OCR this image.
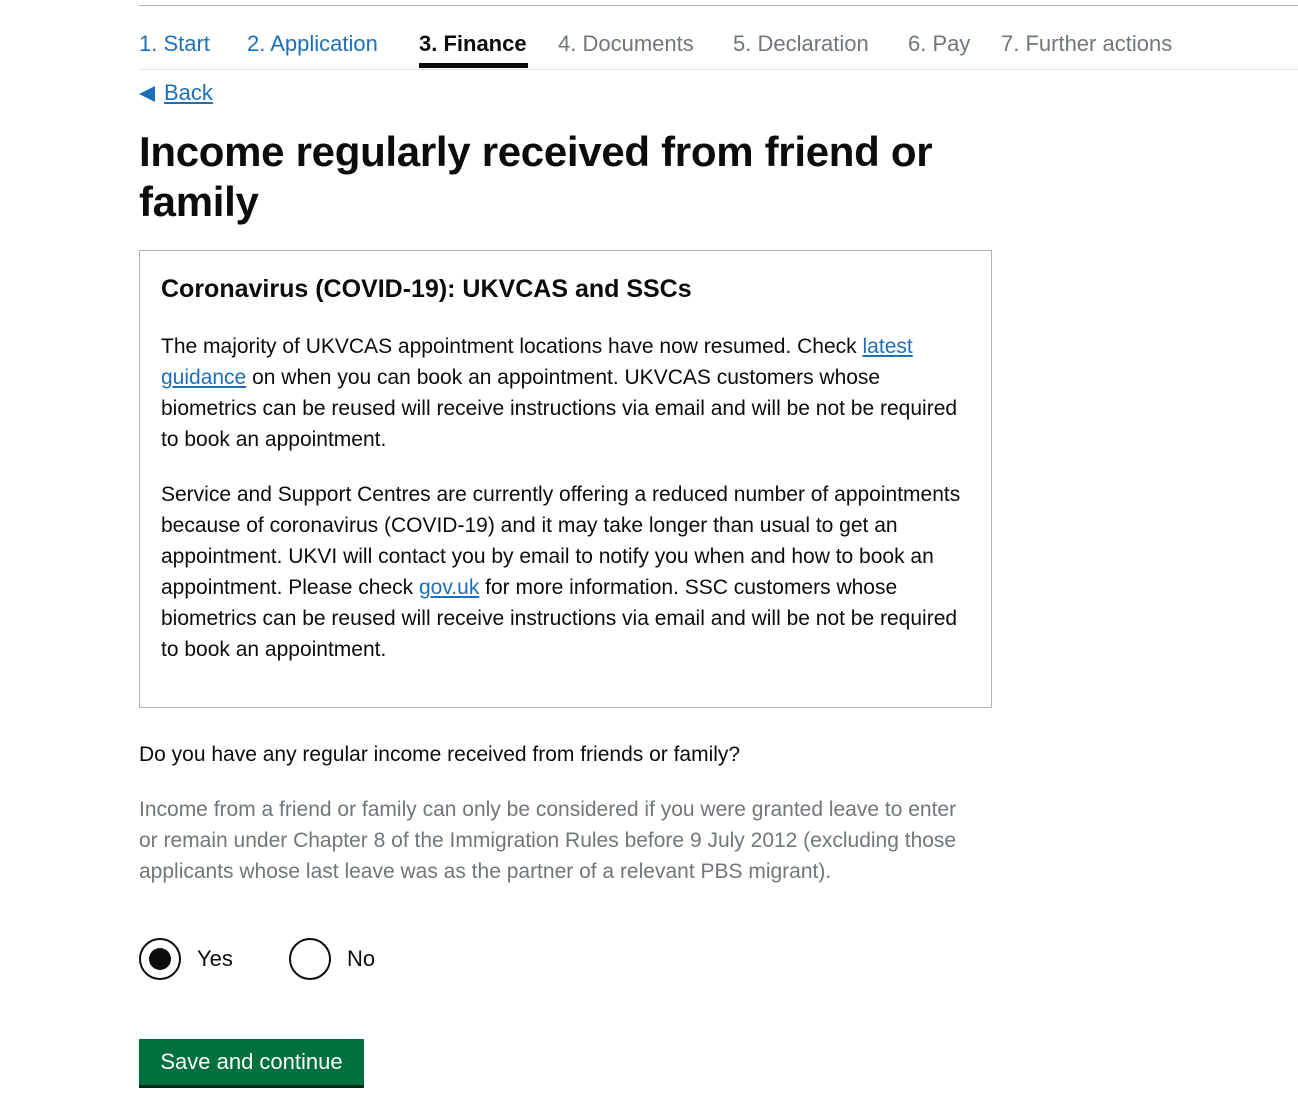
1. Start 2. Application 3. Finance 4. Documents 5. Declaration 6. Pay 7. Further actions
Back
Income regularly received from friend or family
Coronavirus (COVID-19): UKVCAS and SSCs

The majority of UKVCAS appointment locations have now resumed. Check latest guidance on when you can book an appointment. UKVCAS customers whose biometrics can be reused will receive instructions via email and will be not be required to book an appointment.

Service and Support Centres are currently offering a reduced number of appointments because of coronavirus (COVID-19) and it may take longer than usual to get an appointment. UKVI will contact you by email to notify you when and how to book an appointment. Please check gov.uk for more information. SSC customers whose biometrics can be reused will receive instructions via email and will be not be required to book an appointment.

Do you have any regular income received from friends or family?

Income from a friend or family can only be considered if you were granted leave to enter or remain under Chapter 8 of the Immigration Rules before 9 July 2012 (excluding those applicants whose last leave was as the partner of a relevant PBS migrant).

Yes	No
Save and continue
